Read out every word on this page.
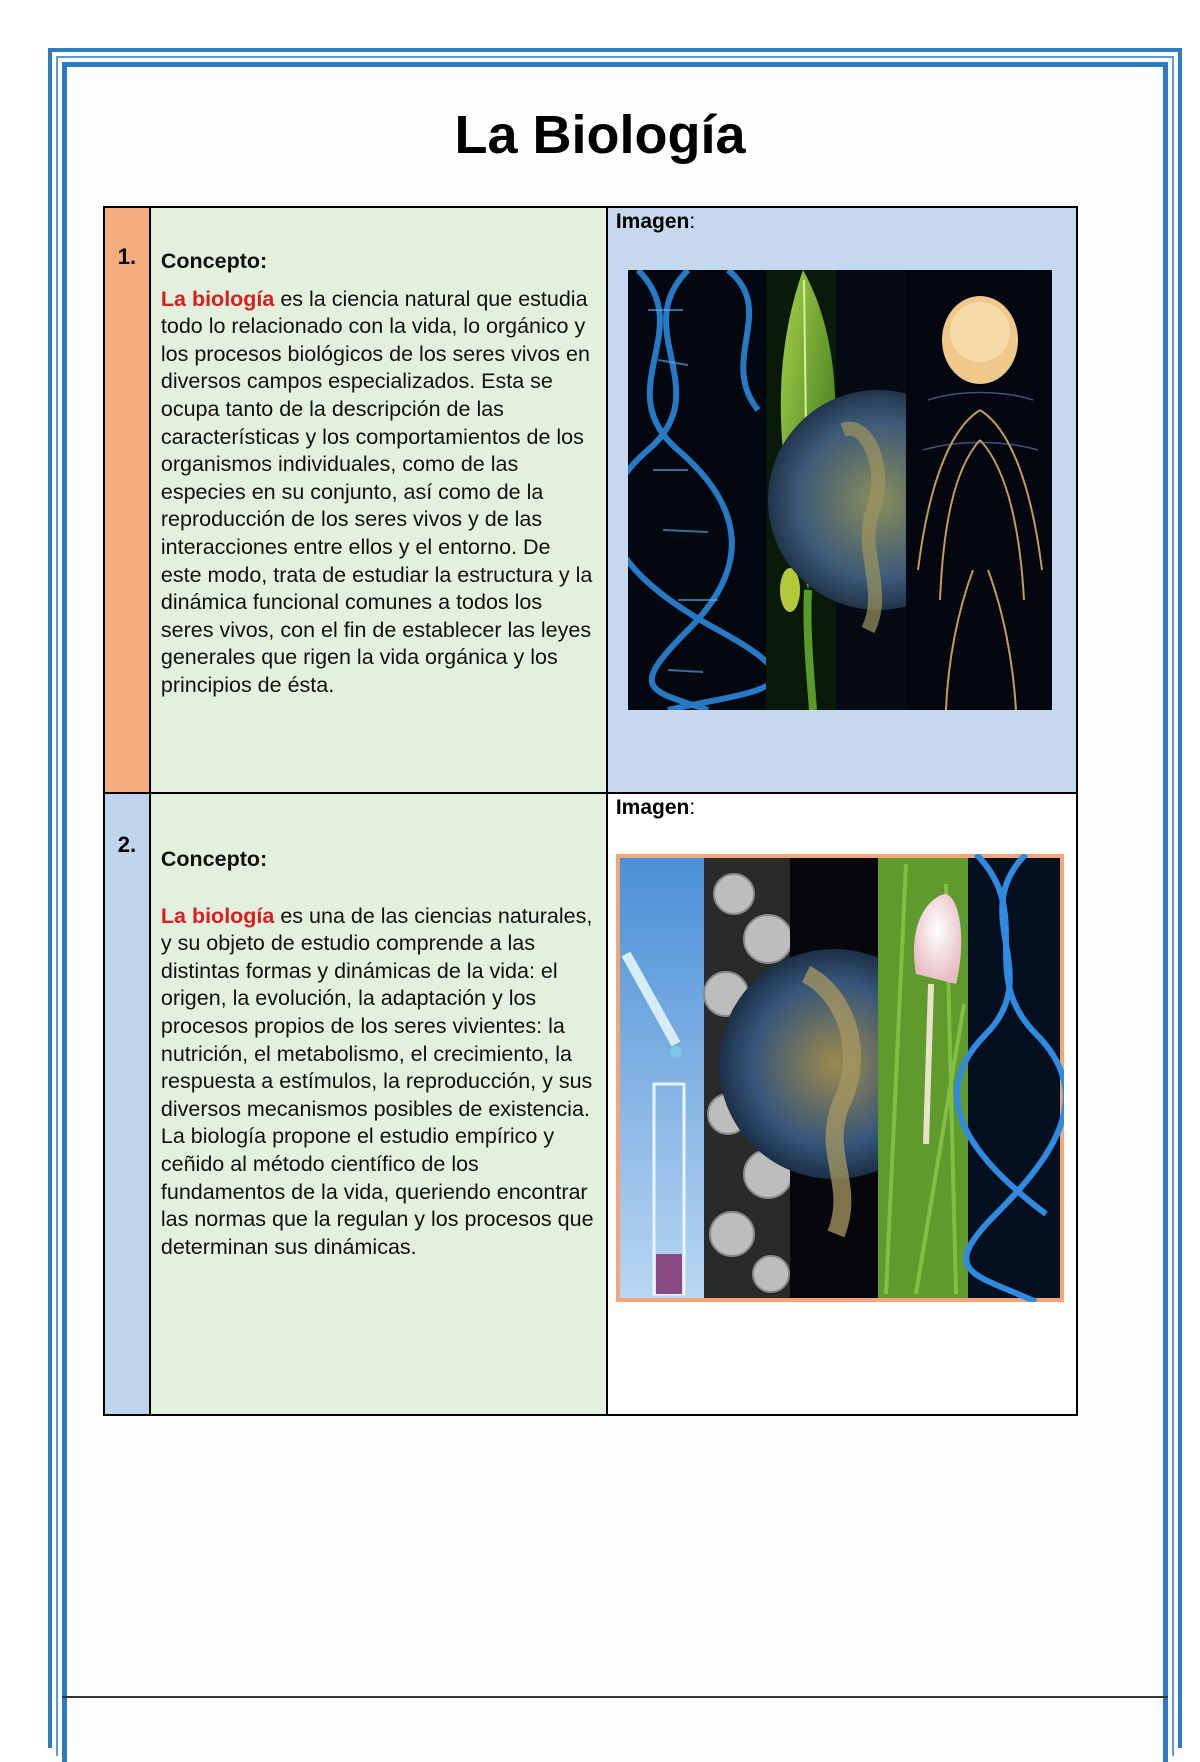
La Biología
1.	Concepto:
La biología es la ciencia natural que estudia todo lo relacionado con la vida, lo orgánico y los procesos biológicos de los seres vivos en diversos campos especializados. Esta se ocupa tanto de la descripción de las características y los comportamientos de los organismos individuales, como de las especies en su conjunto, así como de la reproducción de los seres vivos y de las interacciones entre ellos y el entorno. De este modo, trata de estudiar la estructura y la dinámica funcional comunes a todos los seres vivos, con el fin de establecer las leyes generales que rigen la vida orgánica y los principios de ésta.	Imagen:

2.	Concepto:
La biología es una de las ciencias naturales, y su objeto de estudio comprende a las distintas formas y dinámicas de la vida: el origen, la evolución, la adaptación y los procesos propios de los seres vivientes: la nutrición, el metabolismo, el crecimiento, la respuesta a estímulos, la reproducción, y sus diversos mecanismos posibles de existencia. La biología propone el estudio empírico y ceñido al método científico de los fundamentos de la vida, queriendo encontrar las normas que la regulan y los procesos que determinan sus dinámicas.	Imagen:
